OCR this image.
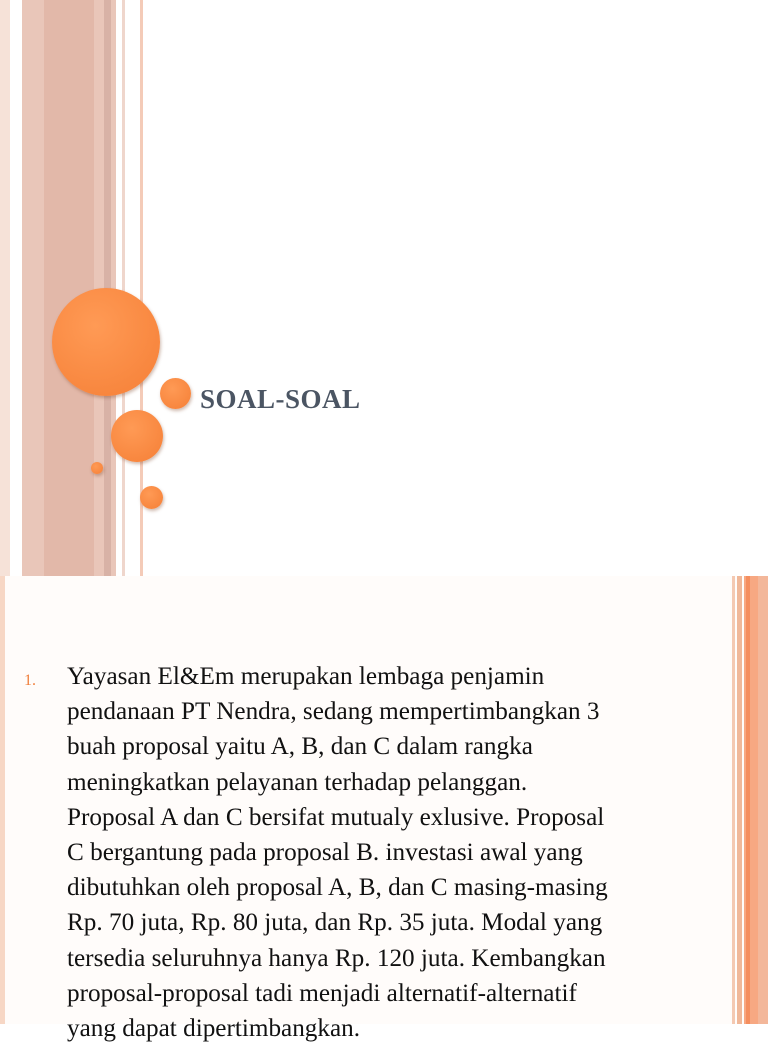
SOAL-SOAL
1. Yayasan El&Em merupakan lembaga penjamin
pendanaan PT Nendra, sedang mempertimbangkan 3
buah proposal yaitu A, B, dan C dalam rangka
meningkatkan pelayanan terhadap pelanggan.
Proposal A dan C bersifat mutualy exlusive. Proposal
C bergantung pada proposal B. investasi awal yang
dibutuhkan oleh proposal A, B, dan C masing-masing
Rp. 70 juta, Rp. 80 juta, dan Rp. 35 juta. Modal yang
tersedia seluruhnya hanya Rp. 120 juta. Kembangkan
proposal-proposal tadi menjadi alternatif-alternatif
yang dapat dipertimbangkan.
